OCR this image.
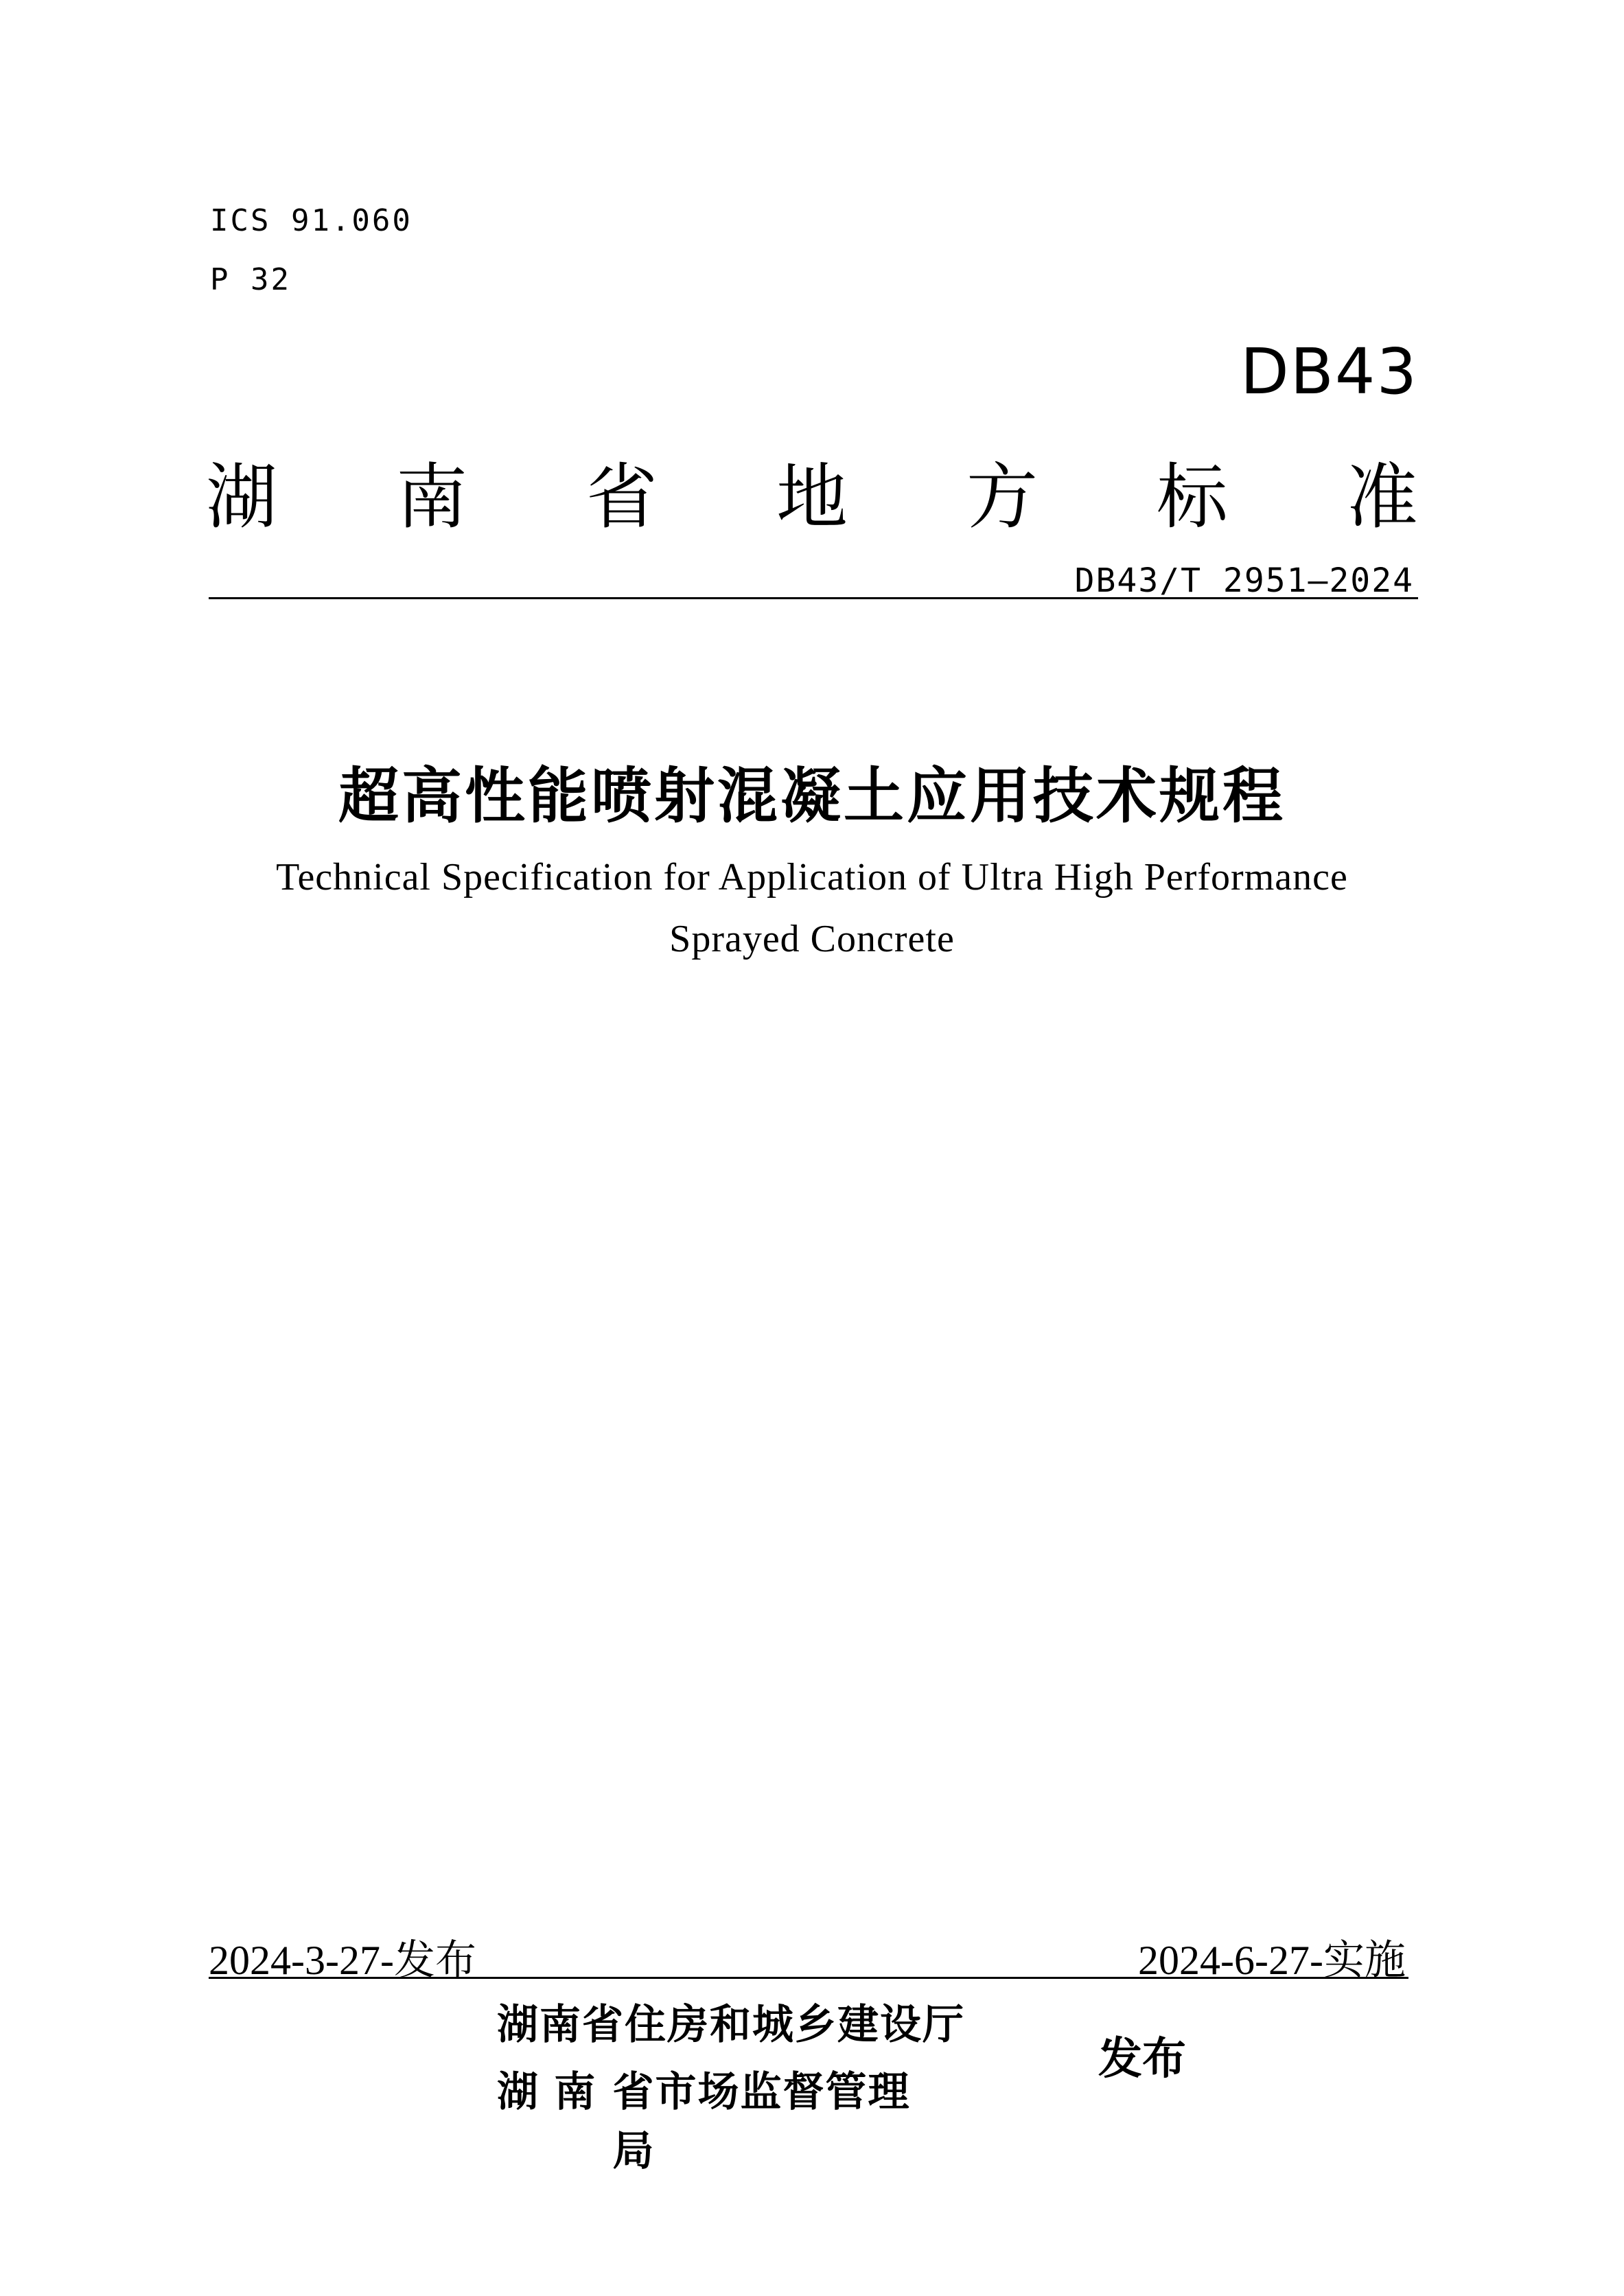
ICS 91.060
P 32
DB43
湖 南 省 地 方 标 准
DB43/T 2951—2024
超高性能喷射混凝土应用技术规程
Technical Specification for Application of Ultra High Performance
Sprayed Concrete
2024-3-27-发布	2024-6-27-实施
湖南省住房和城乡建设厅
湖 南 省市场监督管理局
发布
